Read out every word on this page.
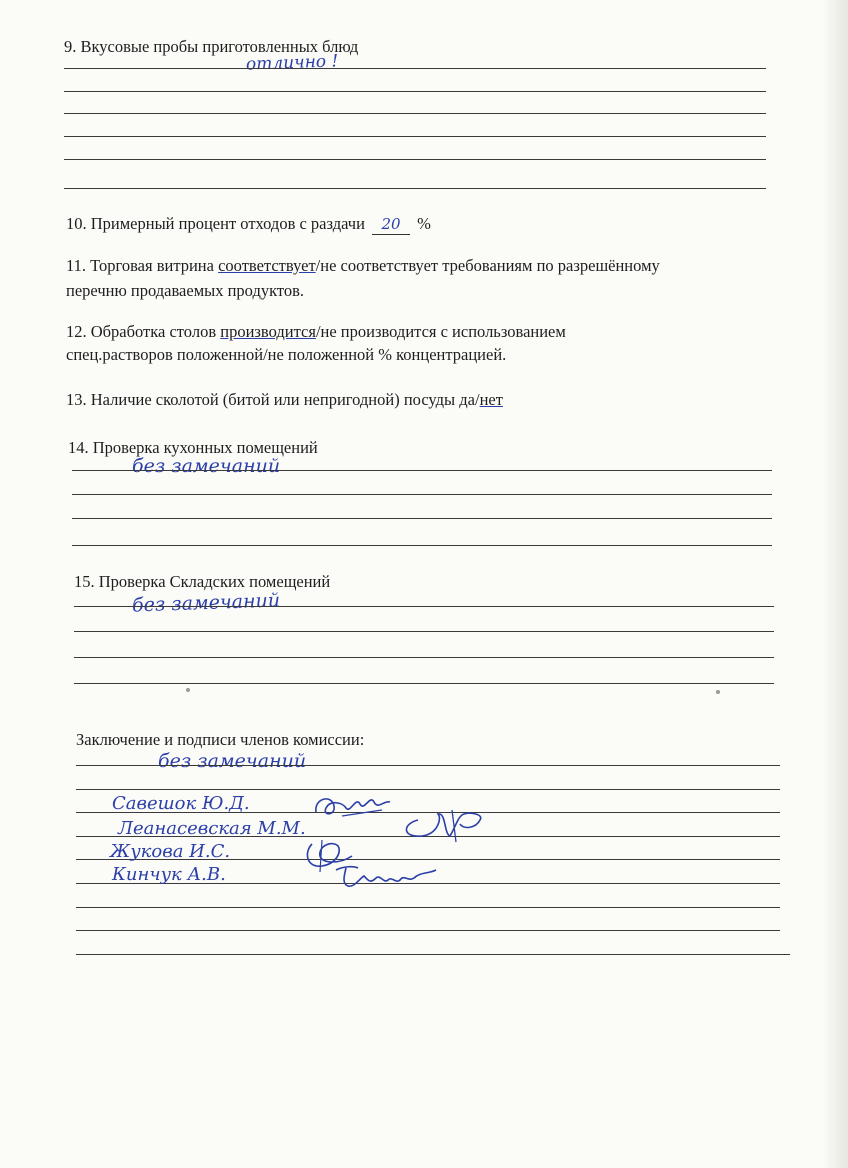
9. Вкусовые пробы приготовленных блюд
отлично !
10. Примерный процент отходов с раздачи 20 %
11. Торговая витрина соответствует/не соответствует требованиям по разрешённому
перечню продаваемых продуктов.
12. Обработка столов производится/не производится с использованием
спец.растворов положенной/не положенной % концентрацией.
13. Наличие сколотой (битой или непригодной) посуды да/нет
14. Проверка кухонных помещений
без замечаний
15. Проверка Складских помещений
без замечаний
Заключение и подписи членов комиссии:
без замечаний
Савешок Ю.Д.
Леанасевская М.М.
Жукова И.С.
Кинчук А.В.
